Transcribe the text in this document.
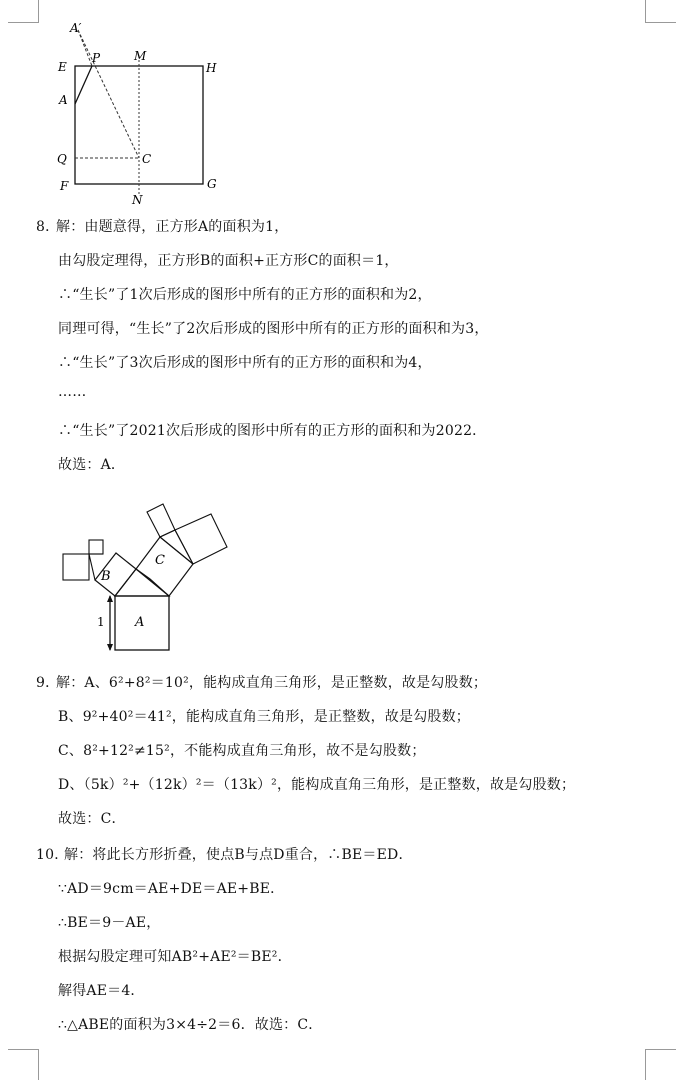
A′
P	M
E	H
A
Q	C
F	G
N
8．
解：由题意得，正方形A的面积为1，
由勾股定理得，正方形B的面积+正方形C的面积＝1，
∴“生长”了1次后形成的图形中所有的正方形的面积和为2，
同理可得，“生长”了2次后形成的图形中所有的正方形的面积和为3，
∴“生长”了3次后形成的图形中所有的正方形的面积和为4，
……
∴“生长”了2021次后形成的图形中所有的正方形的面积和为2022．
故选：A．
1 A
B
C
9．
解：A、6²+8²＝10²，能构成直角三角形，是正整数，故是勾股数；
B、9²+40²＝41²，能构成直角三角形，是正整数，故是勾股数；
C、8²+12²≠15²，不能构成直角三角形，故不是勾股数；
D、（5k）²+（12k）²＝（13k）²，能构成直角三角形，是正整数，故是勾股数；
故选：C．
10．
解：将此长方形折叠，使点B与点D重合，∴BE＝ED．
∵AD＝9cm＝AE+DE＝AE+BE．
∴BE＝9－AE，
根据勾股定理可知AB²+AE²＝BE²．
解得AE＝4．
∴△ABE的面积为3×4÷2＝6．故选：C．
